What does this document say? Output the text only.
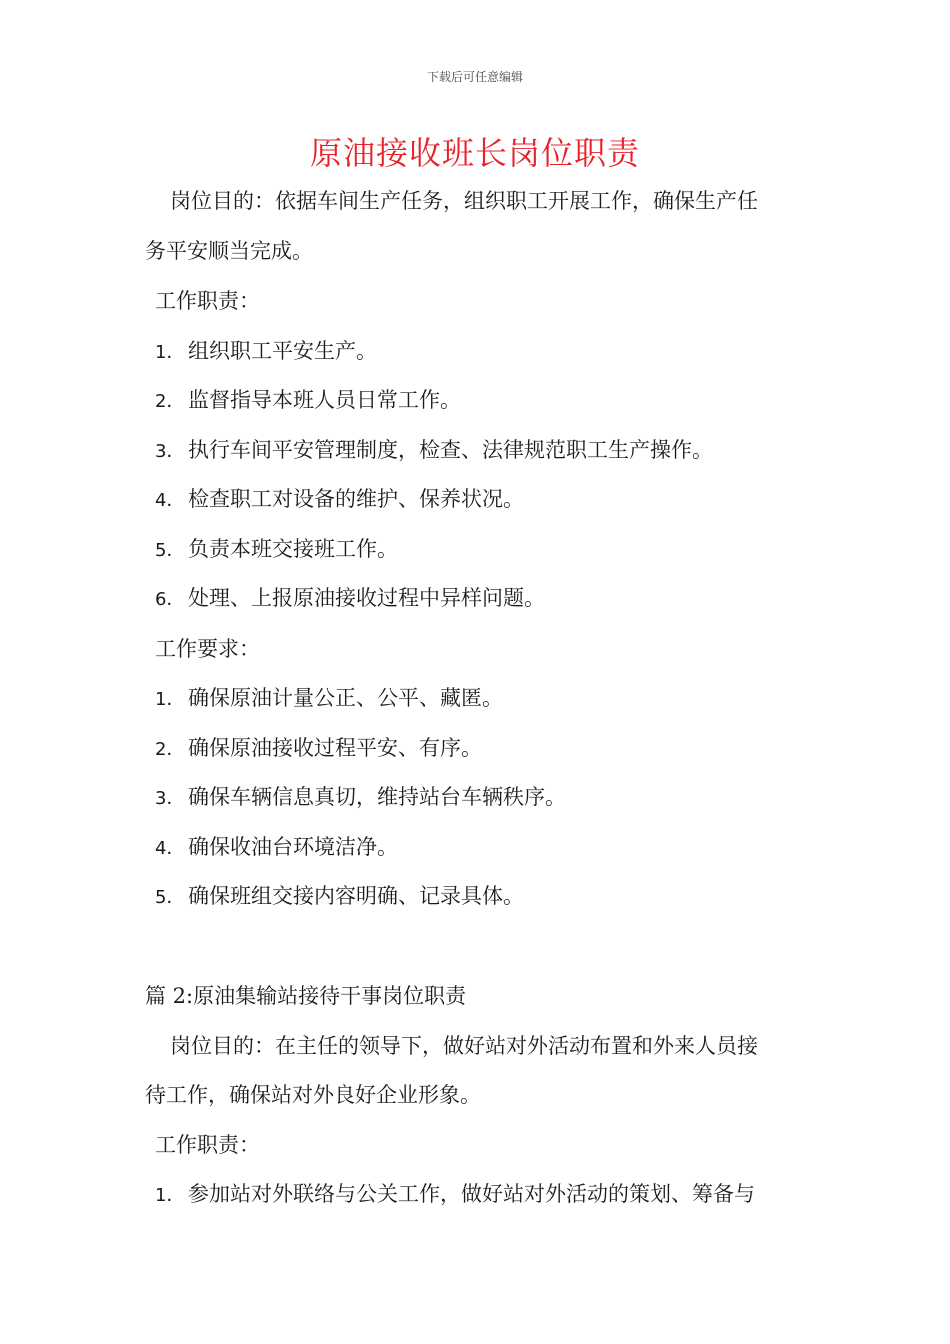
下载后可任意编辑
原油接收班长岗位职责
岗位目的：依据车间生产任务，组织职工开展工作，确保生产任
务平安顺当完成。
工作职责：
1． 组织职工平安生产。
2． 监督指导本班人员日常工作。
3． 执行车间平安管理制度，检查、法律规范职工生产操作。
4． 检查职工对设备的维护、保养状况。
5． 负责本班交接班工作。
6． 处理、上报原油接收过程中异样问题。
工作要求：
1． 确保原油计量公正、公平、藏匿。
2． 确保原油接收过程平安、有序。
3． 确保车辆信息真切，维持站台车辆秩序。
4． 确保收油台环境洁净。
5． 确保班组交接内容明确、记录具体。
篇 2:原油集输站接待干事岗位职责
岗位目的：在主任的领导下，做好站对外活动布置和外来人员接
待工作，确保站对外良好企业形象。
工作职责：
1． 参加站对外联络与公关工作，做好站对外活动的策划、筹备与
